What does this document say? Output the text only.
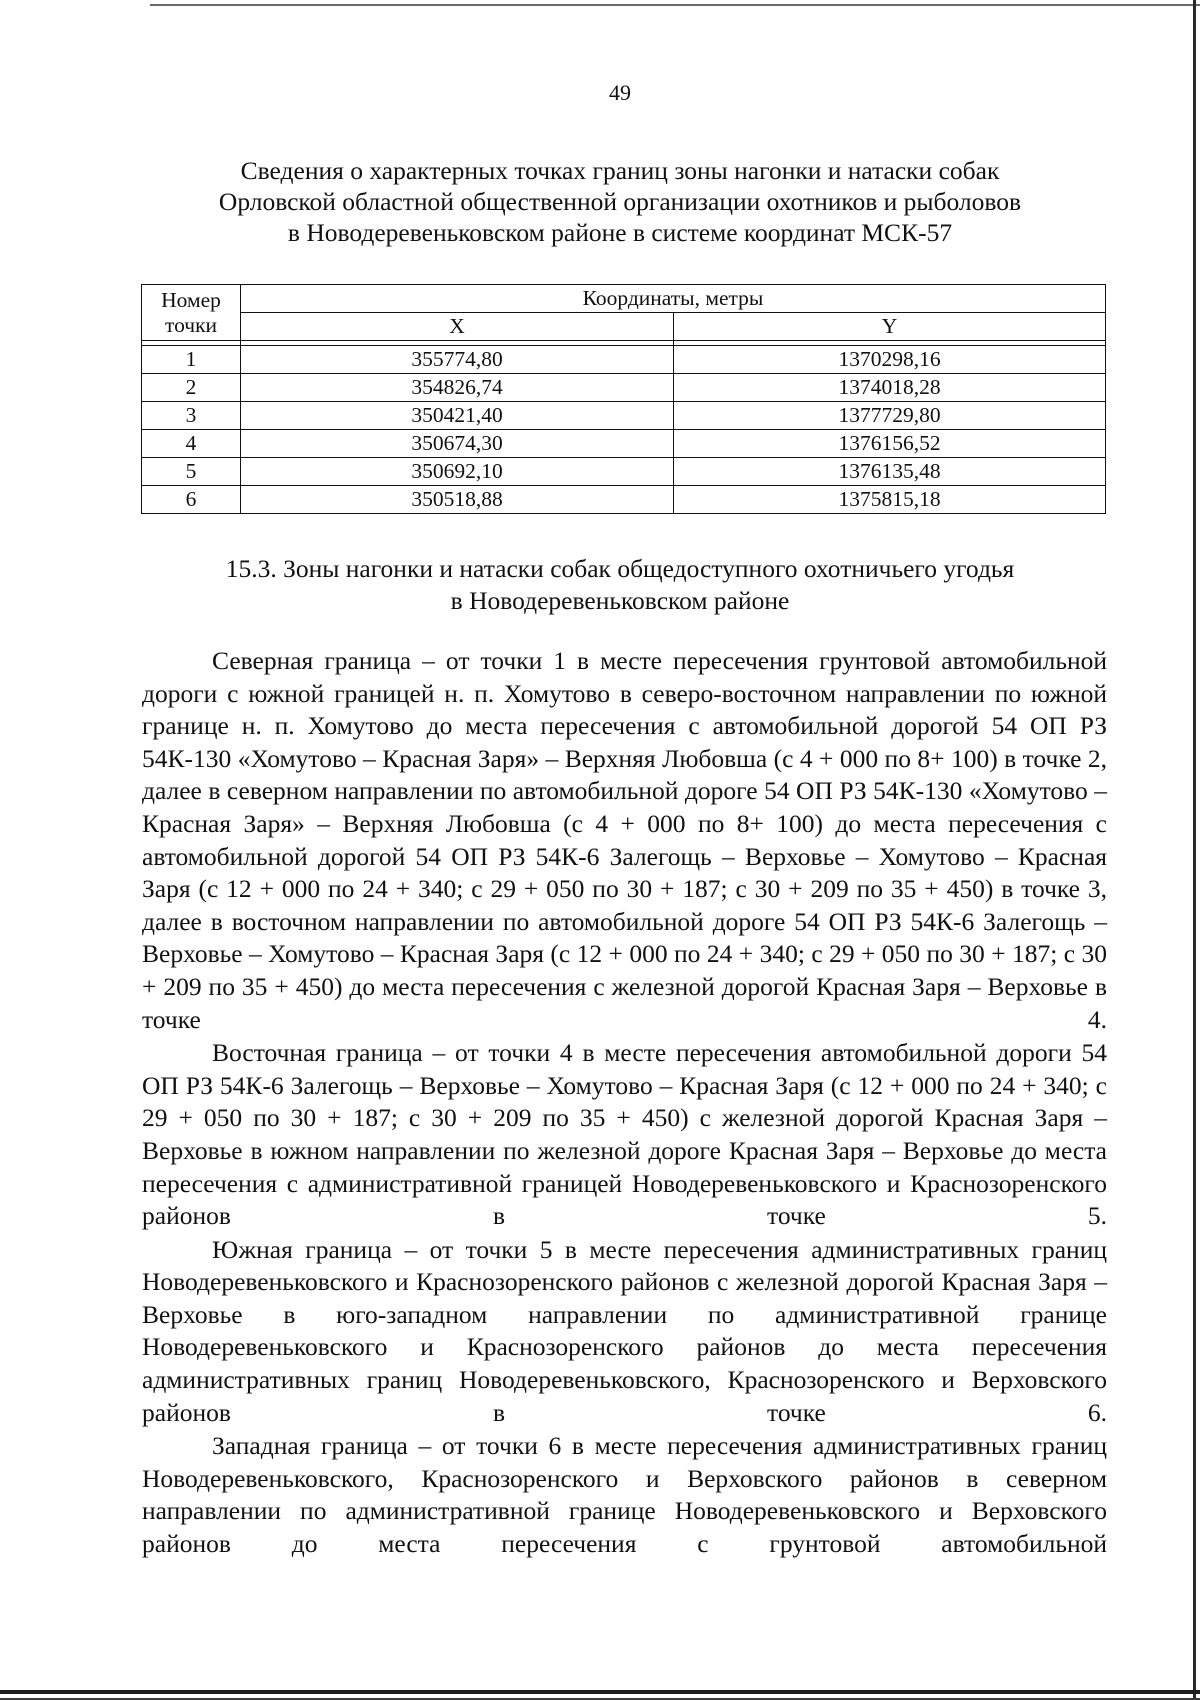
49
Сведения о характерных точках границ зоны нагонки и натаски собак
Орловской областной общественной организации охотников и рыболовов
в Новодеревеньковском районе в системе координат МСК-57
Номер
точки	Координаты, метры	
	X	Y

1	355774,80	1370298,16
2	354826,74	1374018,28
3	350421,40	1377729,80
4	350674,30	1376156,52
5	350692,10	1376135,48
6	350518,88	1375815,18
15.3. Зоны нагонки и натаски собак общедоступного охотничьего угодья
в Новодеревеньковском районе

Северная граница – от точки 1 в месте пересечения грунтовой автомобильной дороги с южной границей н. п. Хомутово в северо-восточном направлении по южной границе н. п. Хомутово до места пересечения с автомобильной дорогой 54 ОП РЗ 54К-130 «Хомутово – Красная Заря» – Верхняя Любовша (с 4 + 000 по 8+ 100) в точке 2, далее в северном направлении по автомобильной дороге 54 ОП РЗ 54К-130 «Хомутово – Красная Заря» – Верхняя Любовша (с 4 + 000 по 8+ 100) до места пересечения с автомобильной дорогой 54 ОП РЗ 54К-6 Залегощь – Верховье – Хомутово – Красная Заря (с 12 + 000 по 24 + 340; с 29 + 050 по 30 + 187; с 30 + 209 по 35 + 450) в точке 3, далее в восточном направлении по автомобильной дороге 54 ОП РЗ 54К-6 Залегощь – Верховье – Хомутово – Красная Заря (с 12 + 000 по 24 + 340; с 29 + 050 по 30 + 187; с 30 + 209 по 35 + 450) до места пересечения с железной дорогой Красная Заря – Верховье в точке 4.

Восточная граница – от точки 4 в месте пересечения автомобильной дороги 54 ОП РЗ 54К-6 Залегощь – Верховье – Хомутово – Красная Заря (с 12 + 000 по 24 + 340; с 29 + 050 по 30 + 187; с 30 + 209 по 35 + 450) с железной дорогой Красная Заря – Верховье в южном направлении по железной дороге Красная Заря – Верховье до места пересечения с административной границей Новодеревеньковского и Краснозоренского районов в точке 5.

Южная граница – от точки 5 в месте пересечения административных границ Новодеревеньковского и Краснозоренского районов с железной дорогой Красная Заря – Верховье в юго-западном направлении по административной границе Новодеревеньковского и Краснозоренского районов до места пересечения административных границ Новодеревеньковского, Краснозоренского и Верховского районов в точке 6.

Западная граница – от точки 6 в месте пересечения административных границ Новодеревеньковского, Краснозоренского и Верховского районов в северном направлении по административной границе Новодеревеньковского и Верховского районов до места пересечения с грунтовой автомобильной
